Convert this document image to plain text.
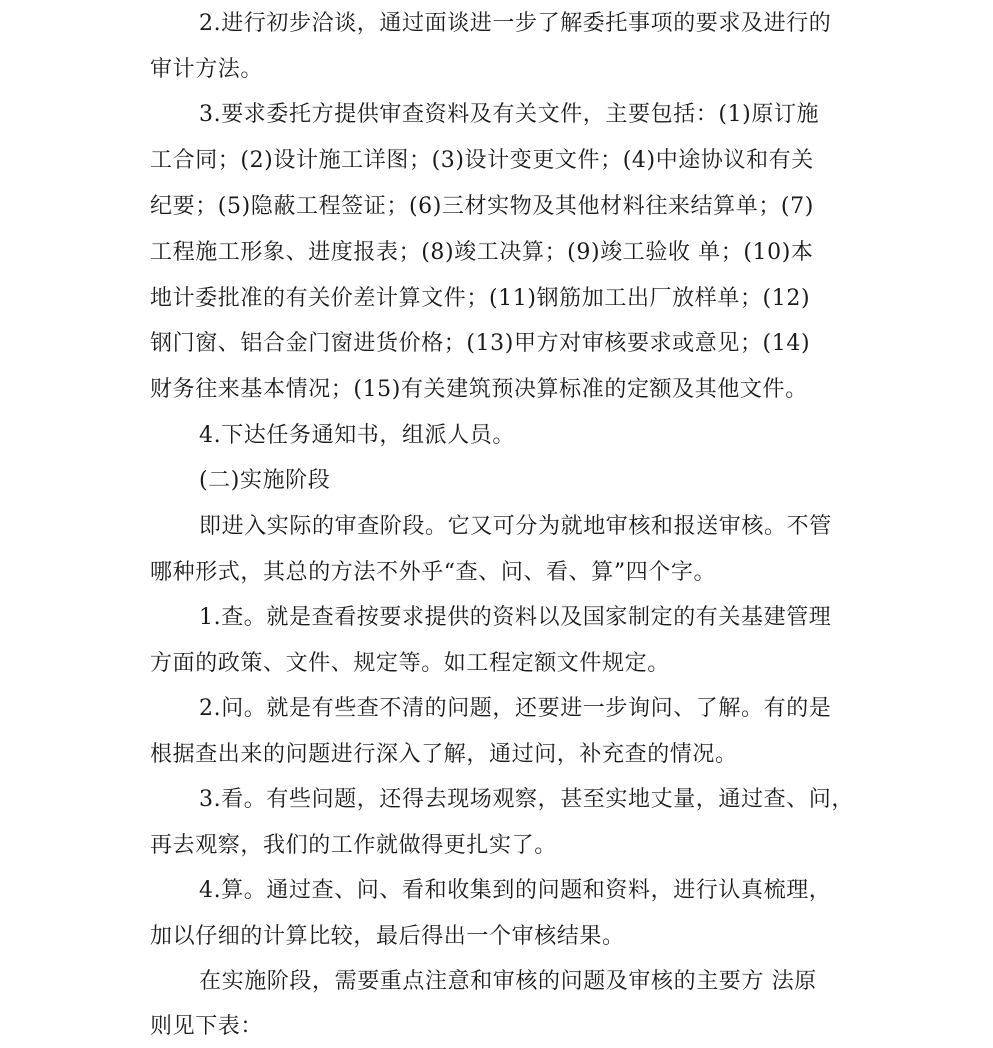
2.进行初步洽谈，通过面谈进一步了解委托事项的要求及进行的
审计方法。
3.要求委托方提供审查资料及有关文件，主要包括：(1)原订施
工合同；(2)设计施工详图；(3)设计变更文件；(4)中途协议和有关
纪要；(5)隐蔽工程签证；(6)三材实物及其他材料往来结算单；(7)
工程施工形象、进度报表；(8)竣工决算；(9)竣工验收 单；(10)本
地计委批准的有关价差计算文件；(11)钢筋加工出厂放样单；(12)
钢门窗、铝合金门窗进货价格；(13)甲方对审核要求或意见；(14)
财务往来基本情况；(15)有关建筑预决算标准的定额及其他文件。
4.下达任务通知书，组派人员。
(二)实施阶段
即进入实际的审查阶段。它又可分为就地审核和报送审核。不管
哪种形式，其总的方法不外乎“查、问、看、算”四个字。
1.查。就是查看按要求提供的资料以及国家制定的有关基建管理
方面的政策、文件、规定等。如工程定额文件规定。
2.问。就是有些查不清的问题，还要进一步询问、了解。有的是
根据查出来的问题进行深入了解，通过问，补充查的情况。
3.看。有些问题，还得去现场观察，甚至实地丈量，通过查、问，
再去观察，我们的工作就做得更扎实了。
4.算。通过查、问、看和收集到的问题和资料，进行认真梳理，
加以仔细的计算比较，最后得出一个审核结果。
在实施阶段，需要重点注意和审核的问题及审核的主要方 法原
则见下表：
